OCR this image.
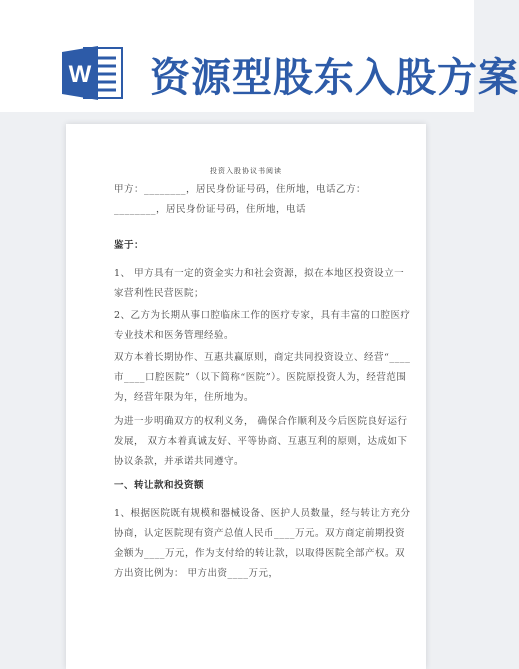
W 资源型股东入股方案
投资入股协议书阅读
甲方：________，居民身份证号码，住所地，电话乙方：________，居民身份证号码，住所地，电话
鉴于：
1、 甲方具有一定的资金实力和社会资源，拟在本地区投资设立一家营利性民营医院；
2、乙方为长期从事口腔临床工作的医疗专家，具有丰富的口腔医疗专业技术和医务管理经验。
双方本着长期协作、互惠共赢原则，商定共同投资设立、经营“____市____口腔医院”（以下简称“医院”）。医院原投资人为，经营范围为，经营年限为年，住所地为。
为进一步明确双方的权利义务， 确保合作顺利及今后医院良好运行发展， 双方本着真诚友好、平等协商、互惠互利的原则，达成如下协议条款，并承诺共同遵守。
一、转让款和投资额
1、根据医院既有规模和器械设备、医护人员数量，经与转让方充分协商，认定医院现有资产总值人民币____万元。双方商定前期投资金额为____万元，作为支付给的转让款，以取得医院全部产权。双方出资比例为： 甲方出资____万元，
